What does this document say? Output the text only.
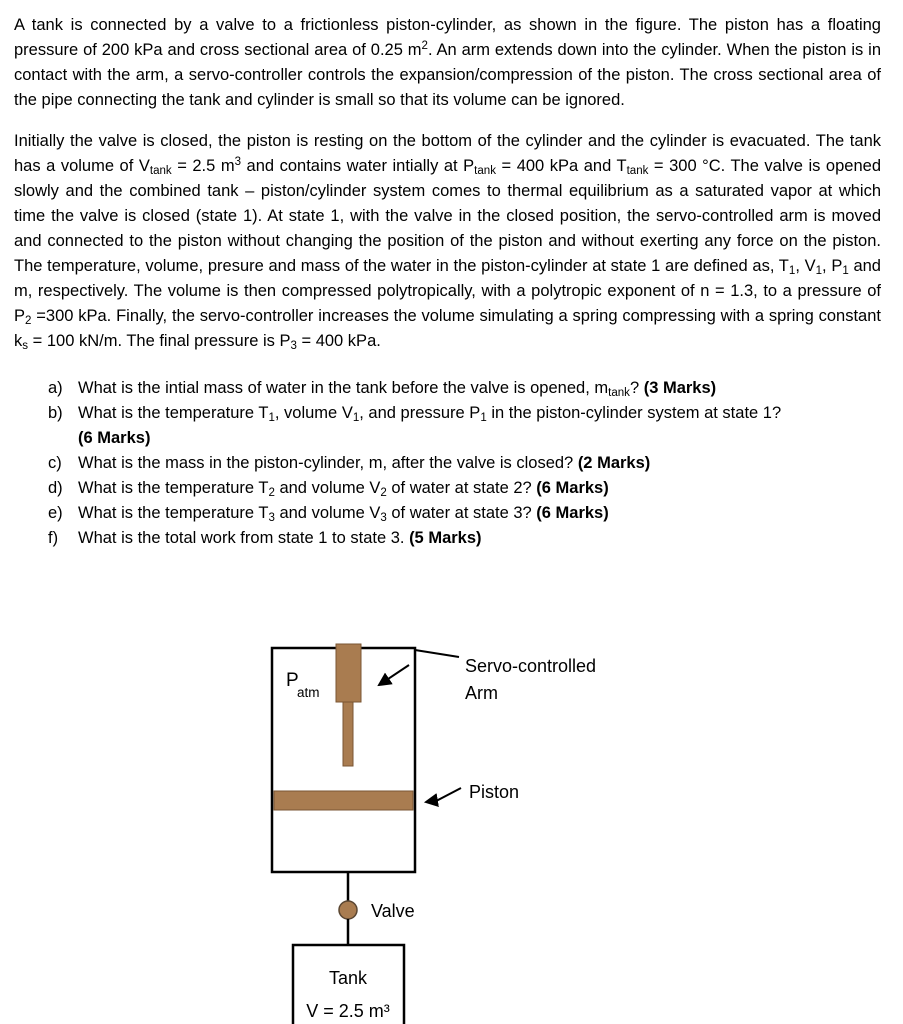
A tank is connected by a valve to a frictionless piston-cylinder, as shown in the figure. The piston has a floating pressure of 200 kPa and cross sectional area of 0.25 $m^2$. An arm extends down into the cylinder. When the piston is in contact with the arm, a servo-controller controls the expansion/compression of the piston. The cross sectional area of the pipe connecting the tank and cylinder is small so that its volume can be ignored.

Initially the valve is closed, the piston is resting on the bottom of the cylinder and the cylinder is evacuated. The tank has a volume of $V_{tank} = 2.5$ $m^3$ and contains water intially at $P_{tank} = 400$ kPa and $T_{tank} = 300$ °C. The valve is opened slowly and the combined tank – piston/cylinder system comes to thermal equilibrium as a saturated vapor at which time the valve is closed (state 1). At state 1, with the valve in the closed position, the servo-controlled arm is moved and connected to the piston without changing the position of the piston and without exerting any force on the piston. The temperature, volume, presure and mass of the water in the piston-cylinder at state 1 are defined as, $T_1$, $V_1$, $P_1$ and m, respectively. The volume is then compressed polytropically, with a polytropic exponent of n = 1.3, to a pressure of $P_2 =300$ kPa. Finally, the servo-controller increases the volume simulating a spring compressing with a spring constant $k_s = 100$ kN/m. The final pressure is $P_3 = 400$ kPa.

a) What is the intial mass of water in the tank before the valve is opened, $m_{tank}$? (3 Marks)
b) What is the temperature $T_1$, volume $V_1$, and pressure $P_1$ in the piston-cylinder system at state 1?
(6 Marks)
c) What is the mass in the piston-cylinder, m, after the valve is closed? (2 Marks)
d) What is the temperature $T_2$ and volume $V_2$ of water at state 2? (6 Marks)
e) What is the temperature $T_3$ and volume $V_3$ of water at state 3? (6 Marks)
f)	What is the total work from state 1 to state 3. (5 Marks)
P
atm
Servo-controlled
Arm
Piston
Valve
Tank
V = 2.5 m³
